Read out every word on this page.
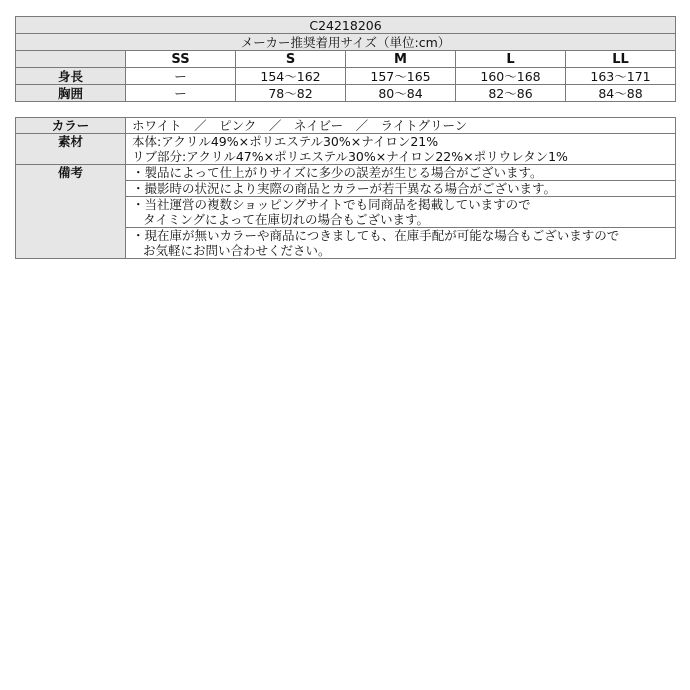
C24218206					
メーカー推奨着用サイズ（単位:cm）					
	SS	S	M	L	LL
身長	ー	154～162	157～165	160～168	163～171
胸囲	ー	78～82	80～84	82～86	84～88
カラー	ホワイト　／　ピンク　／　ネイビー　／　ライトグリーン
素材	本体:アクリル49%×ポリエステル30%×ナイロン21%
リブ部分:アクリル47%×ポリエステル30%×ナイロン22%×ポリウレタン1%

備考	・製品によって仕上がりサイズに多少の誤差が生じる場合がございます。

	・撮影時の状況により実際の商品とカラーが若干異なる場合がございます。

	・当社運営の複数ショッピングサイトでも同商品を掲載していますので
タイミングによって在庫切れの場合もございます。

	・現在庫が無いカラーや商品につきましても、在庫手配が可能な場合もございますので
お気軽にお問い合わせください。
